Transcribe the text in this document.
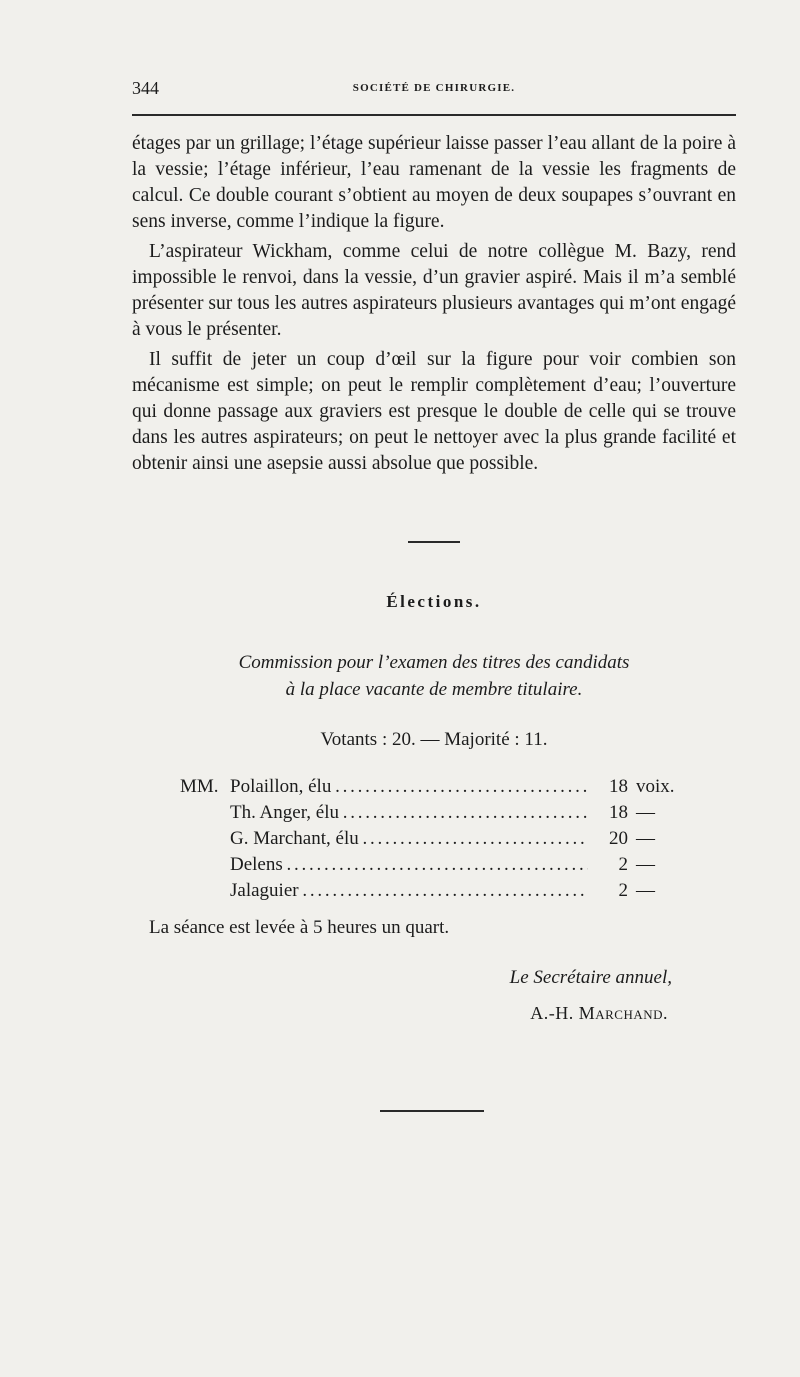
344	SOCIÉTÉ DE CHIRURGIE.

étages par un grillage; l’étage supérieur laisse passer l’eau allant de la poire à la vessie; l’étage inférieur, l’eau ramenant de la vessie les fragments de calcul. Ce double courant s’obtient au moyen de deux soupapes s’ouvrant en sens inverse, comme l’indique la figure.

L’aspirateur Wickham, comme celui de notre collègue M. Bazy, rend impossible le renvoi, dans la vessie, d’un gravier aspiré. Mais il m’a semblé présenter sur tous les autres aspirateurs plusieurs avantages qui m’ont engagé à vous le présenter.

Il suffit de jeter un coup d’œil sur la figure pour voir combien son mécanisme est simple; on peut le remplir complètement d’eau; l’ouverture qui donne passage aux graviers est presque le double de celle qui se trouve dans les autres aspirateurs; on peut le nettoyer avec la plus grande facilité et obtenir ainsi une asepsie aussi absolue que possible.

Élections.
Commission pour l’examen des titres des candidats
à la place vacante de membre titulaire.
Votants : 20. — Majorité : 11.
MM. Polaillon, élu . . .	18 voix.
Th. Anger, élu . . .	18 —
G. Marchant, élu . . .	20 —
Delens . . .	2 —
Jalaguier . . .	2 —
La séance est levée à 5 heures un quart.
Le Secrétaire annuel,
A.-H. Marchand.
